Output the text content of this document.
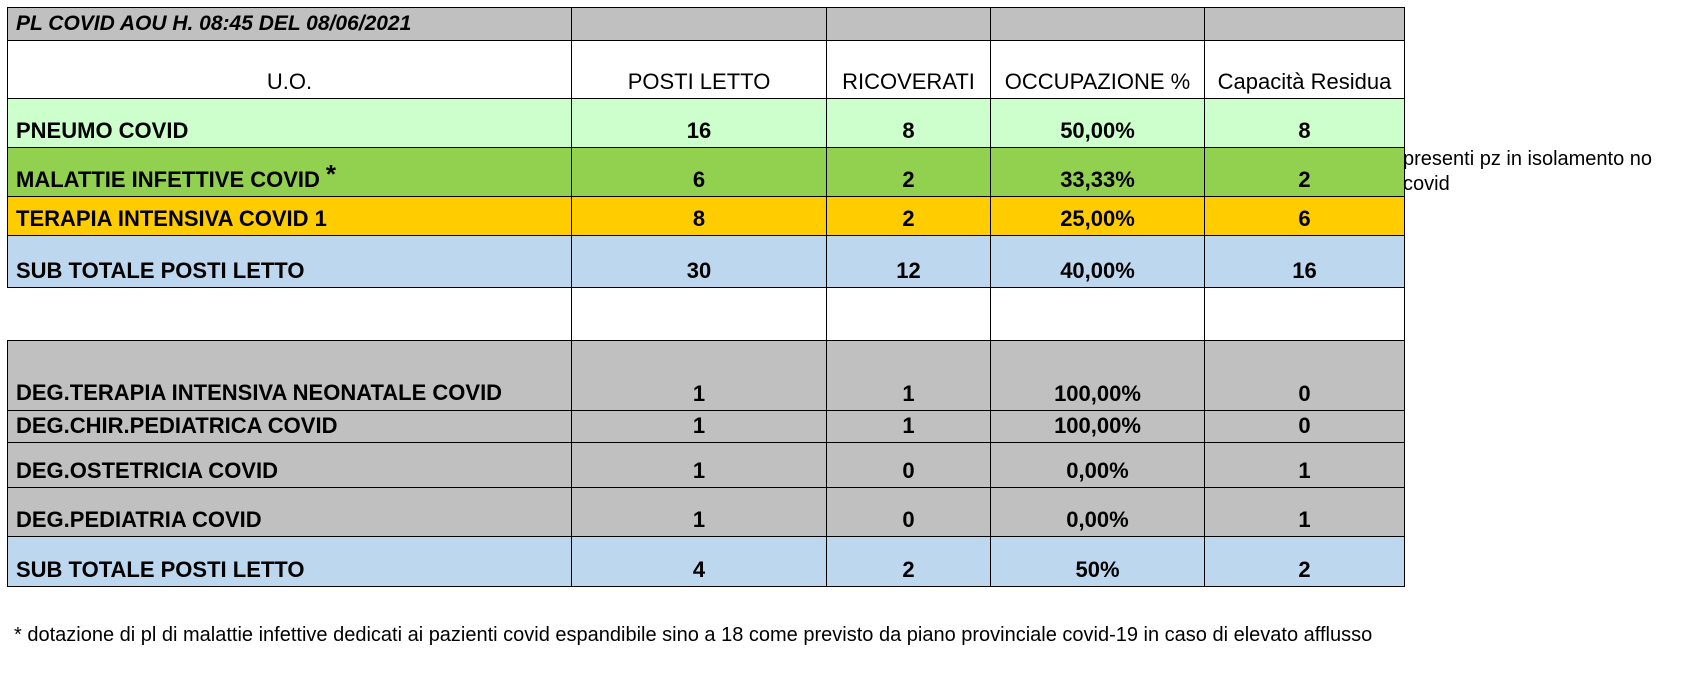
PL COVID AOU H. 08:45 DEL 08/06/2021				
U.O.	POSTI LETTO	RICOVERATI	OCCUPAZIONE %	Capacità Residua
PNEUMO COVID	16	8	50,00%	8
MALATTIE INFETTIVE COVID *	6	2	33,33%	2
TERAPIA INTENSIVA COVID 1	8	2	25,00%	6
SUB TOTALE POSTI LETTO	30	12	40,00%	16

DEG.TERAPIA INTENSIVA NEONATALE COVID	1	1	100,00%	0
DEG.CHIR.PEDIATRICA COVID	1	1	100,00%	0
DEG.OSTETRICIA COVID	1	0	0,00%	1
DEG.PEDIATRIA COVID	1	0	0,00%	1
SUB TOTALE POSTI LETTO	4	2	50%	2
presenti pz in isolamento no covid
* dotazione di pl di malattie infettive dedicati ai pazienti covid espandibile sino a 18 come previsto da piano provinciale covid-19 in caso di elevato afflusso
